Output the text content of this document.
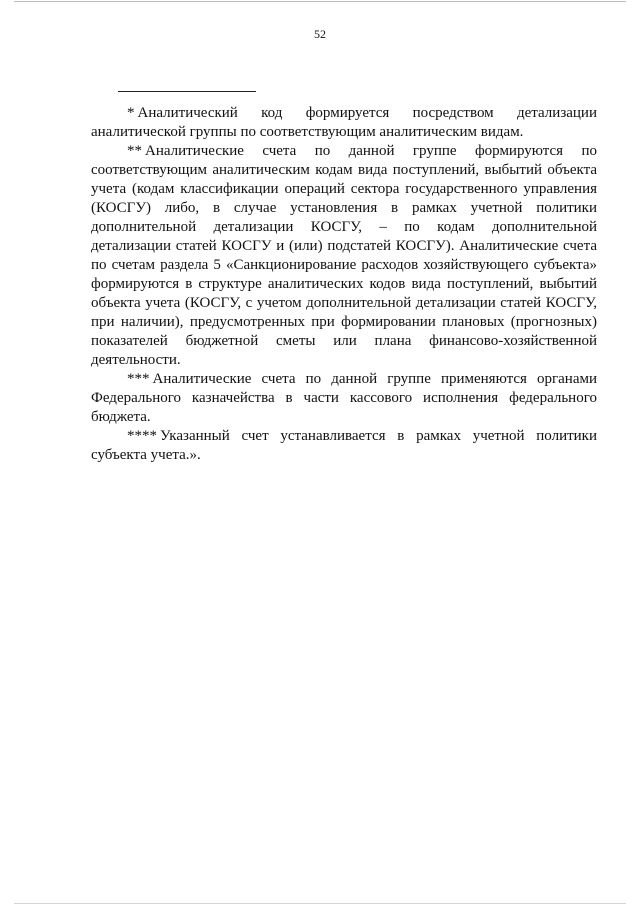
52

* Аналитический код формируется посредством детализации аналитической группы по соответствующим аналитическим видам.

** Аналитические счета по данной группе формируются по соответствующим аналитическим кодам вида поступлений, выбытий объекта учета (кодам классификации операций сектора государственного управления (КОСГУ) либо, в случае установления в рамках учетной политики дополнительной детализации КОСГУ, – по кодам дополнительной детализации статей КОСГУ и (или) подстатей КОСГУ). Аналитические счета по счетам раздела 5 «Санкционирование расходов хозяйствующего субъекта» формируются в структуре аналитических кодов вида поступлений, выбытий объекта учета (КОСГУ, с учетом дополнительной детализации статей КОСГУ, при наличии), предусмотренных при формировании плановых (прогнозных) показателей бюджетной сметы или плана финансово-хозяйственной деятельности.

*** Аналитические счета по данной группе применяются органами Федерального казначейства в части кассового исполнения федерального бюджета.

**** Указанный счет устанавливается в рамках учетной политики субъекта учета.».
